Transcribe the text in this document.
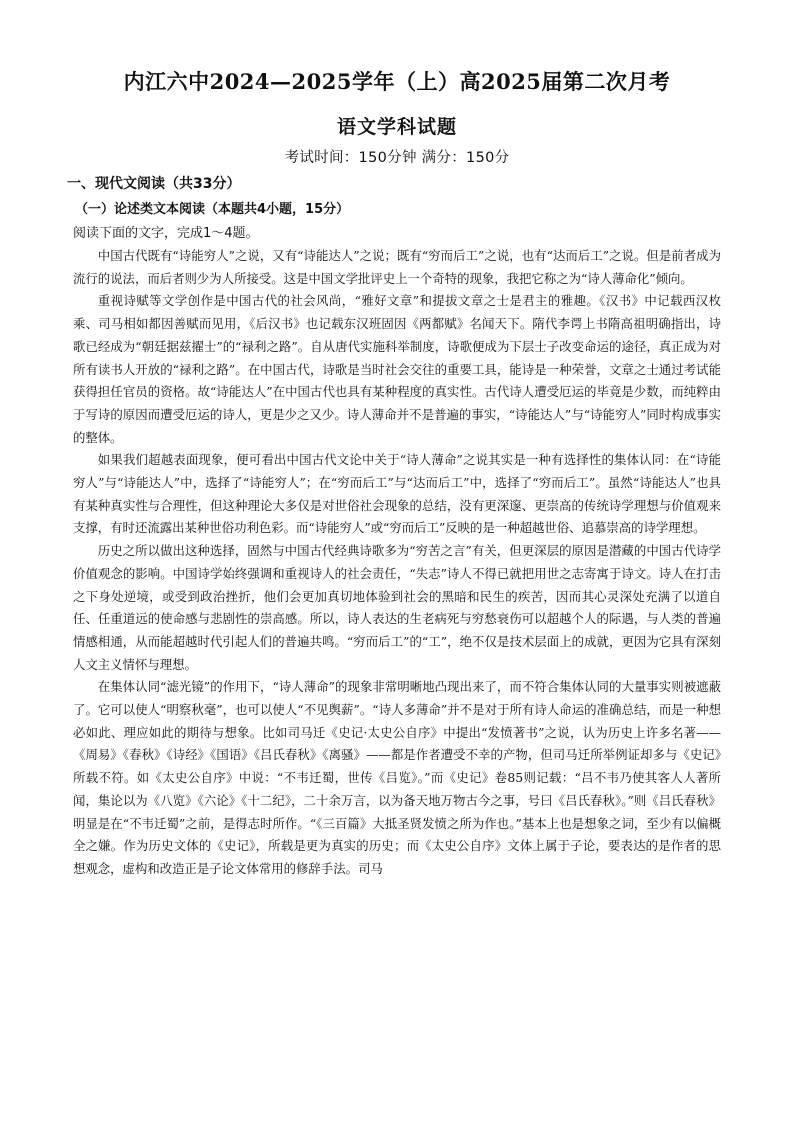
内江六中2024—2025学年（上）高2025届第二次月考
语文学科试题
考试时间：150分钟 满分：150分
一、现代文阅读（共33分）
（一）论述类文本阅读（本题共4小题，15分）
阅读下面的文字，完成1～4题。

中国古代既有“诗能穷人”之说，又有“诗能达人”之说；既有“穷而后工”之说，也有“达而后工”之说。但是前者成为流行的说法，而后者则少为人所接受。这是中国文学批评史上一个奇特的现象，我把它称之为“诗人薄命化”倾向。

重视诗赋等文学创作是中国古代的社会风尚，“雅好文章”和提拔文章之士是君主的雅趣。《汉书》中记载西汉枚乘、司马相如都因善赋而见用，《后汉书》也记载东汉班固因《两都赋》名闻天下。隋代李谔上书隋高祖明确指出，诗歌已经成为“朝廷据兹擢士”的“禄利之路”。自从唐代实施科举制度，诗歌便成为下层士子改变命运的途径，真正成为对所有读书人开放的“禄利之路”。在中国古代，诗歌是当时社会交往的重要工具，能诗是一种荣誉，文章之士通过考试能获得担任官员的资格。故“诗能达人”在中国古代也具有某种程度的真实性。古代诗人遭受厄运的毕竟是少数，而纯粹由于写诗的原因而遭受厄运的诗人，更是少之又少。诗人薄命并不是普遍的事实，“诗能达人”与“诗能穷人”同时构成事实的整体。

如果我们超越表面现象，便可看出中国古代文论中关于“诗人薄命”之说其实是一种有选择性的集体认同：在“诗能穷人”与“诗能达人”中，选择了“诗能穷人”；在“穷而后工”与“达而后工”中，选择了“穷而后工”。虽然“诗能达人”也具有某种真实性与合理性，但这种理论大多仅是对世俗社会现象的总结，没有更深邃、更崇高的传统诗学理想与价值观来支撑，有时还流露出某种世俗功利色彩。而“诗能穷人”或“穷而后工”反映的是一种超越世俗、追慕崇高的诗学理想。

历史之所以做出这种选择，固然与中国古代经典诗歌多为“穷苦之言”有关，但更深层的原因是潜藏的中国古代诗学价值观念的影响。中国诗学始终强调和重视诗人的社会责任，“失志”诗人不得已就把用世之志寄寓于诗文。诗人在打击之下身处逆境，或受到政治挫折，他们会更加真切地体验到社会的黑暗和民生的疾苦，因而其心灵深处充满了以道自任、任重道远的使命感与悲剧性的崇高感。所以，诗人表达的生老病死与穷愁衰伤可以超越个人的际遇，与人类的普遍情感相通，从而能超越时代引起人们的普遍共鸣。“穷而后工”的“工”，绝不仅是技术层面上的成就，更因为它具有深刻人文主义情怀与理想。

在集体认同“滤光镜”的作用下，“诗人薄命”的现象非常明晰地凸现出来了，而不符合集体认同的大量事实则被遮蔽了。它可以使人“明察秋毫”，也可以使人“不见舆薪”。“诗人多薄命”并不是对于所有诗人命运的准确总结，而是一种想必如此、理应如此的期待与想象。比如司马迁《史记·太史公自序》中提出“发愤著书”之说，认为历史上许多名著——《周易》《春秋》《诗经》《国语》《吕氏春秋》《离骚》——都是作者遭受不幸的产物，但司马迁所举例证却多与《史记》所载不符。如《太史公自序》中说：“不韦迁蜀，世传《吕览》。”而《史记》卷85则记载：“吕不韦乃使其客人人著所闻，集论以为《八览》《六论》《十二纪》，二十余万言，以为备天地万物古今之事，号曰《吕氏春秋》。”则《吕氏春秋》明显是在“不韦迁蜀”之前，是得志时所作。“《三百篇》大抵圣贤发愤之所为作也。”基本上也是想象之词，至少有以偏概全之嫌。作为历史文体的《史记》，所载是更为真实的历史；而《太史公自序》文体上属于子论，要表达的是作者的思想观念，虚构和改造正是子论文体常用的修辞手法。司马
